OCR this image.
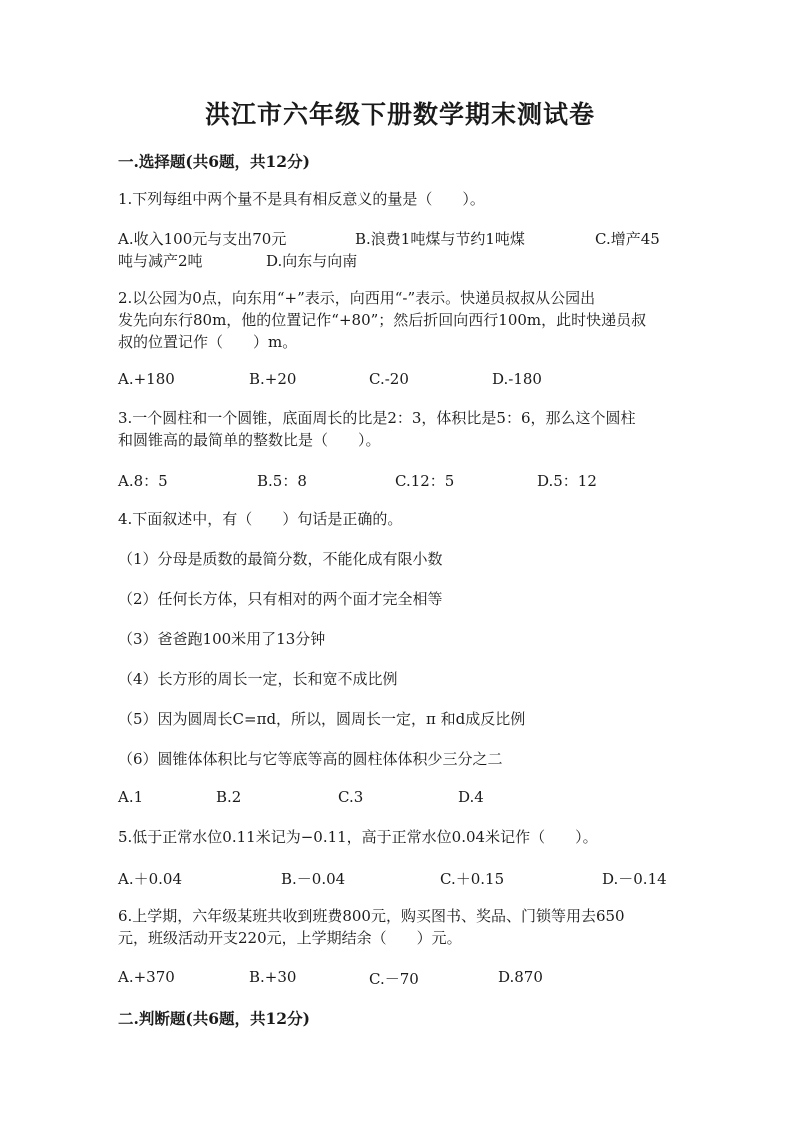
洪江市六年级下册数学期末测试卷
一.选择题(共6题，共12分)
1.下列每组中两个量不是具有相反意义的量是（　　）。
A.收入100元与支出70元	B.浪费1吨煤与节约1吨煤	C.增产45
吨与减产2吨	D.向东与向南
2.以公园为0点，向东用“+”表示，向西用“-”表示。快递员叔叔从公园出
发先向东行80m，他的位置记作“+80”；然后折回向西行100m，此时快递员叔
叔的位置记作（　　）m。
A.+180	B.+20	C.-20	D.-180
3.一个圆柱和一个圆锥，底面周长的比是2：3，体积比是5：6，那么这个圆柱
和圆锥高的最简单的整数比是（　　）。
A.8：5	B.5：8	C.12：5	D.5：12
4.下面叙述中，有（　　）句话是正确的。
（1）分母是质数的最简分数，不能化成有限小数
（2）任何长方体，只有相对的两个面才完全相等
（3）爸爸跑100米用了13分钟
（4）长方形的周长一定，长和宽不成比例
（5）因为圆周长C=πd，所以，圆周长一定，π 和d成反比例
（6）圆锥体体积比与它等底等高的圆柱体体积少三分之二
A.1	B.2	C.3	D.4
5.低于正常水位0.11米记为−0.11，高于正常水位0.04米记作（　　）。
A.＋0.04	B.－0.04	C.＋0.15	D.－0.14
6.上学期，六年级某班共收到班费800元，购买图书、奖品、门锁等用去650
元，班级活动开支220元，上学期结余（　　）元。
A.+370	B.+30	C.－70	D.870
二.判断题(共6题，共12分)
